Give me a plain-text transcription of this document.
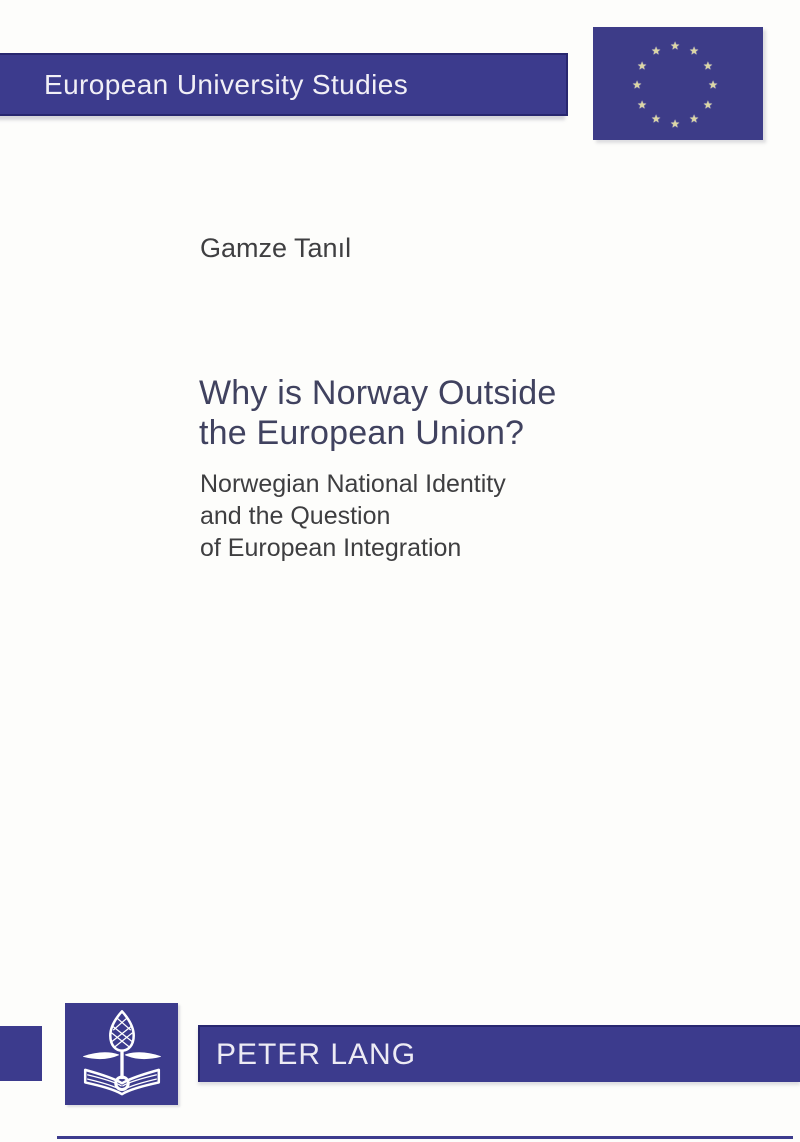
European University Studies
★ ★
★
★
★
★
★
★
★
★
★
★
Gamze Tanıl
Why is Norway Outside
the European Union?
Norwegian National Identity
and the Question
of European Integration
PETER LANG
